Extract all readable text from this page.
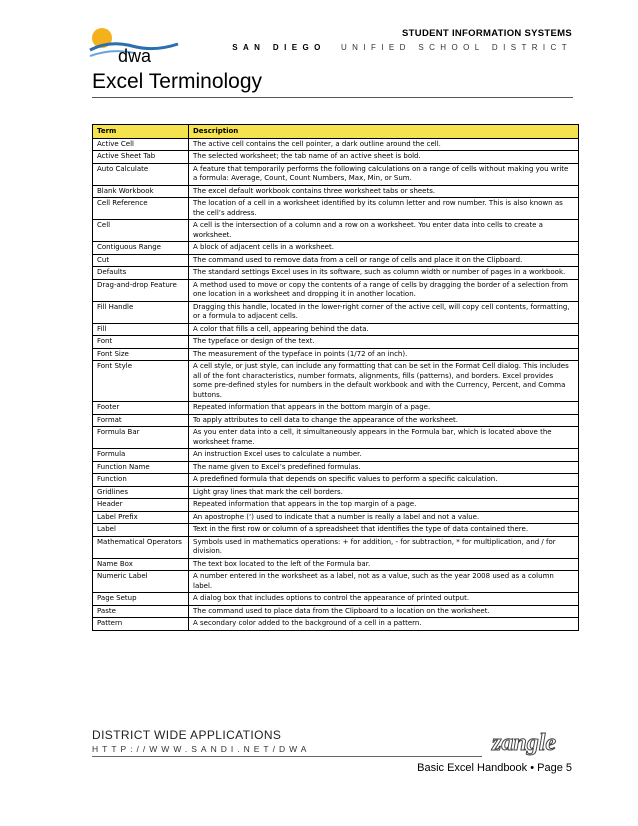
dwa
STUDENT INFORMATION SYSTEMS
SAN DIEGO UNIFIED SCHOOL DISTRICT
Excel Terminology
Term	Description
Active Cell	The active cell contains the cell pointer, a dark outline around the cell.
Active Sheet Tab	The selected worksheet; the tab name of an active sheet is bold.
Auto Calculate	A feature that temporarily performs the following calculations on a range of cells without making you write a formula: Average, Count, Count Numbers, Max, Min, or Sum.
Blank Workbook	The excel default workbook contains three worksheet tabs or sheets.
Cell Reference	The location of a cell in a worksheet identified by its column letter and row number. This is also known as the cell’s address.
Cell	A cell is the intersection of a column and a row on a worksheet. You enter data into cells to create a worksheet.
Contiguous Range	A block of adjacent cells in a worksheet.
Cut	The command used to remove data from a cell or range of cells and place it on the Clipboard.
Defaults	The standard settings Excel uses in its software, such as column width or number of pages in a workbook.
Drag-and-drop Feature	A method used to move or copy the contents of a range of cells by dragging the border of a selection from one location in a worksheet and dropping it in another location.
Fill Handle	Dragging this handle, located in the lower-right corner of the active cell, will copy cell contents, formatting, or a formula to adjacent cells.
Fill	A color that fills a cell, appearing behind the data.
Font	The typeface or design of the text.
Font Size	The measurement of the typeface in points (1/72 of an inch).
Font Style	A cell style, or just style, can include any formatting that can be set in the Format Cell dialog. This includes all of the font characteristics, number formats, alignments, fills (patterns), and borders. Excel provides some pre-defined styles for numbers in the default workbook and with the Currency, Percent, and Comma buttons.
Footer	Repeated information that appears in the bottom margin of a page.
Format	To apply attributes to cell data to change the appearance of the worksheet.
Formula Bar	As you enter data into a cell, it simultaneously appears in the Formula bar, which is located above the worksheet frame.
Formula	An instruction Excel uses to calculate a number.
Function Name	The name given to Excel’s predefined formulas.
Function	A predefined formula that depends on specific values to perform a specific calculation.
Gridlines	Light gray lines that mark the cell borders.
Header	Repeated information that appears in the top margin of a page.
Label Prefix	An apostrophe (‘) used to indicate that a number is really a label and not a value.
Label	Text in the first row or column of a spreadsheet that identifies the type of data contained there.
Mathematical Operators	Symbols used in mathematics operations: + for addition, - for subtraction, * for multiplication, and / for division.
Name Box	The text box located to the left of the Formula bar.
Numeric Label	A number entered in the worksheet as a label, not as a value, such as the year 2008 used as a column label.
Page Setup	A dialog box that includes options to control the appearance of printed output.
Paste	The command used to place data from the Clipboard to a location on the worksheet.
Pattern	A secondary color added to the background of a cell in a pattern.
DISTRICT WIDE APPLICATIONS
HTTP://WWW.SANDI.NET/DWA	zangle
Basic Excel Handbook • Page 5
